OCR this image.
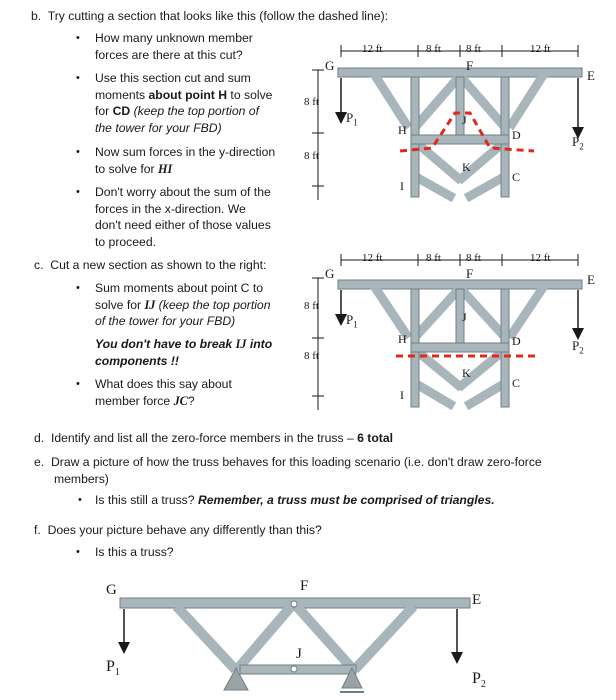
b. Try cutting a section that looks like this (follow the dashed line):
• How many unknown member
forces are there at this cut?
• Use this section cut and sum
moments about point H to solve
for CD (keep the top portion of
the tower for your FBD)
• Now sum forces in the y-direction
to solve for HI
• Don't worry about the sum of the
forces in the x-direction. We
don't need either of those values
to proceed.
c. Cut a new section as shown to the right:
• Sum moments about point C to
solve for IJ (keep the top portion
of the tower for your FBD)
You don't have to break IJ into
components !!
• What does this say about
member force JC?
d. Identify and list all the zero-force members in the truss – 6 total
e. Draw a picture of how the truss behaves for this loading scenario (i.e. don't draw zero-force
members)
• Is this still a truss? Remember, a truss must be comprised of triangles.
f. Does your picture behave any differently than this?
• Is this a truss?
12 ft	8 ft 8 ft	12 ft
8 ft
8 ft
G	F
E
H
J
D
K
C
I
$P_1$
$P_2$
12 ft	8 ft 8 ft	12 ft
8 ft
8 ft
G	F	E
H
J
D
K
C
I
$P_1$
$P_2$
G	F
E
J
$P_1$	$P_2$
